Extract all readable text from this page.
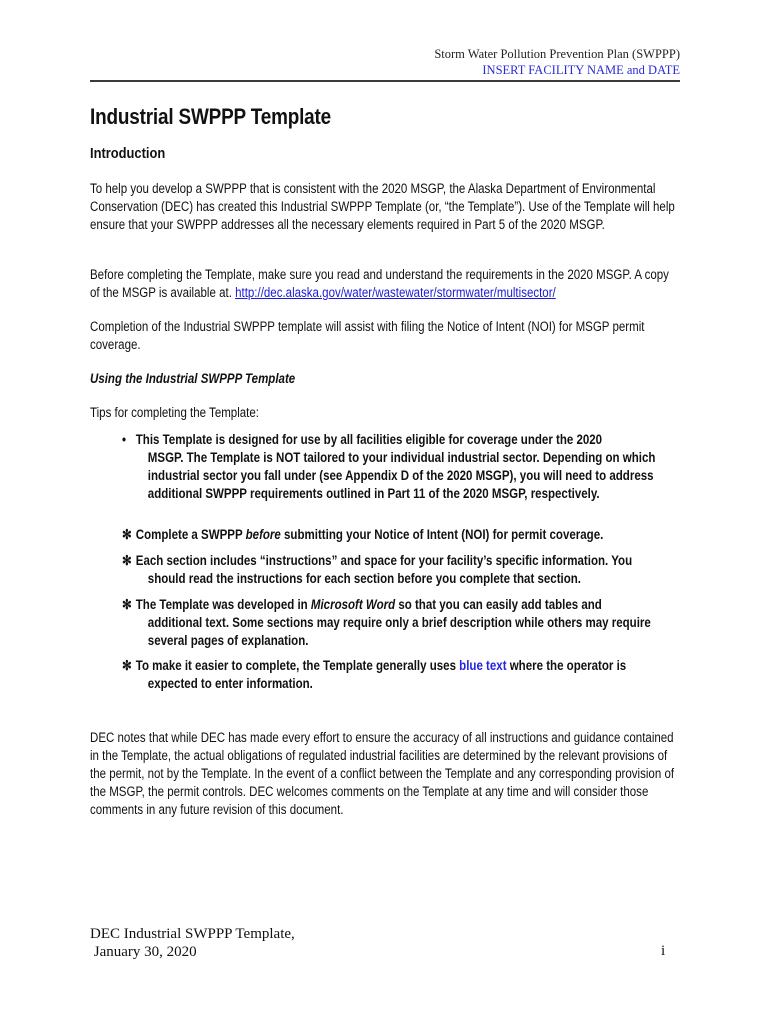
Storm Water Pollution Prevention Plan (SWPPP)
INSERT FACILITY NAME and DATE
Industrial SWPPP Template
Introduction
To help you develop a SWPPP that is consistent with the 2020 MSGP, the Alaska Department of Environmental Conservation (DEC) has created this Industrial SWPPP Template (or, “the Template”). Use of the Template will help ensure that your SWPPP addresses all the necessary elements required in Part 5 of the 2020 MSGP.
Before completing the Template, make sure you read and understand the requirements in the 2020 MSGP. A copy of the MSGP is available at. http://dec.alaska.gov/water/wastewater/stormwater/multisector/
Completion of the Industrial SWPPP template will assist with filing the Notice of Intent (NOI) for MSGP permit coverage.
Using the Industrial SWPPP Template
Tips for completing the Template:
• This Template is designed for use by all facilities eligible for coverage under the 2020
MSGP. The Template is NOT tailored to your individual industrial sector. Depending on which industrial sector you fall under (see Appendix D of the 2020 MSGP), you will need to address additional SWPPP requirements outlined in Part 11 of the 2020 MSGP, respectively.
✻ Complete a SWPPP before submitting your Notice of Intent (NOI) for permit coverage.
✻ Each section includes “instructions” and space for your facility’s specific information. You
should read the instructions for each section before you complete that section.
✻ The Template was developed in Microsoft Word so that you can easily add tables and
additional text. Some sections may require only a brief description while others may require several pages of explanation.
✻ To make it easier to complete, the Template generally uses blue text where the operator is
expected to enter information.
DEC notes that while DEC has made every effort to ensure the accuracy of all instructions and guidance contained in the Template, the actual obligations of regulated industrial facilities are determined by the relevant provisions of the permit, not by the Template. In the event of a conflict between the Template and any corresponding provision of the MSGP, the permit controls. DEC welcomes comments on the Template at any time and will consider those comments in any future revision of this document.
DEC Industrial SWPPP Template,
January 30, 2020	i
